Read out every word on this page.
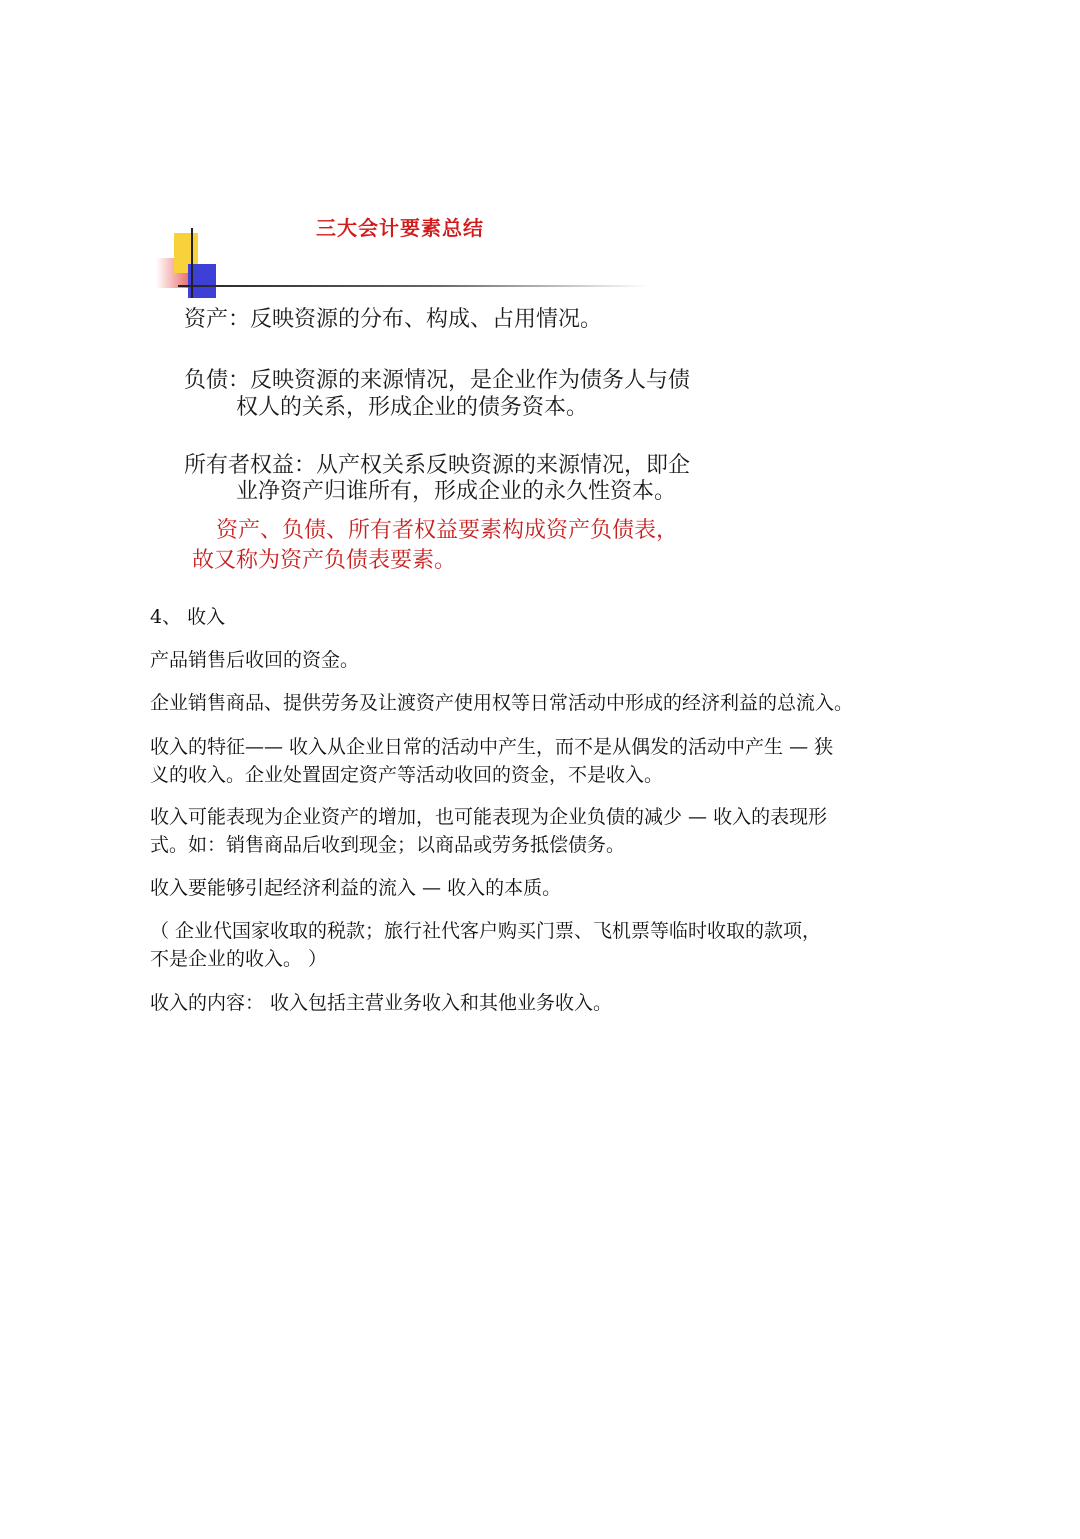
三大会计要素总结
资产：反映资源的分布、构成、占用情况。
负债：反映资源的来源情况，是企业作为债务人与债
权人的关系，形成企业的债务资本。
所有者权益：从产权关系反映资源的来源情况，即企
业净资产归谁所有，形成企业的永久性资本。
资产、负债、所有者权益要素构成资产负债表，
故又称为资产负债表要素。
4、 收入
产品销售后收回的资金。
企业销售商品、提供劳务及让渡资产使用权等日常活动中形成的经济利益的总流入。
收入的特征—— 收入从企业日常的活动中产生，而不是从偶发的活动中产生 — 狭
义的收入。企业处置固定资产等活动收回的资金，不是收入。
收入可能表现为企业资产的增加，也可能表现为企业负债的减少 — 收入的表现形
式。如：销售商品后收到现金；以商品或劳务抵偿债务。
收入要能够引起经济利益的流入 — 收入的本质。
（ 企业代国家收取的税款；旅行社代客户购买门票、飞机票等临时收取的款项，
不是企业的收入。 ）
收入的内容： 收入包括主营业务收入和其他业务收入。
